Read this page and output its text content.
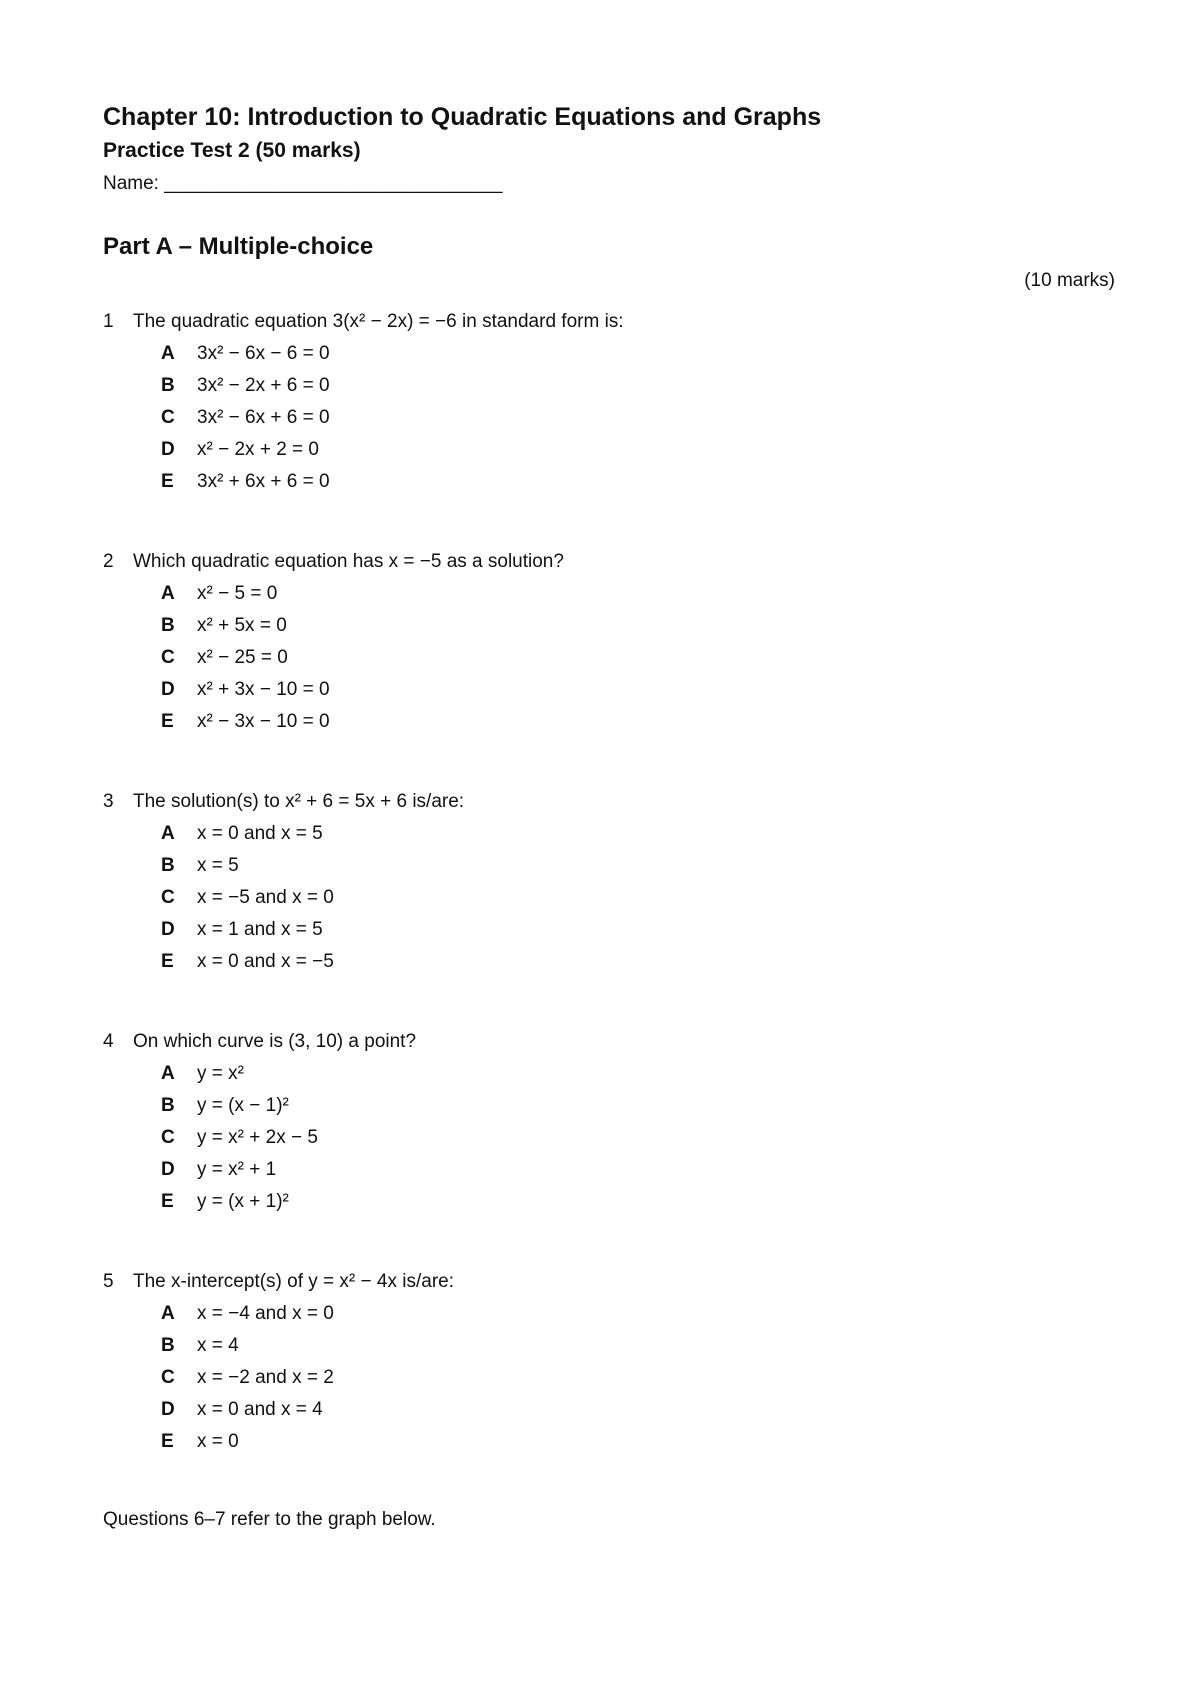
Chapter 10: Introduction to Quadratic Equations and Graphs
Practice Test 2 (50 marks)
Name: ________________________________
Part A – Multiple-choice
(10 marks)
1	The quadratic equation 3(x² − 2x) = −6 in standard form is:
A	3x² − 6x − 6 = 0
B	3x² − 2x + 6 = 0
C	3x² − 6x + 6 = 0
D	x² − 2x + 2 = 0
E	3x² + 6x + 6 = 0
2	Which quadratic equation has x = −5 as a solution?
A	x² − 5 = 0
B	x² + 5x = 0
C	x² − 25 = 0
D	x² + 3x − 10 = 0
E	x² − 3x − 10 = 0
3	The solution(s) to x² + 6 = 5x + 6 is/are:
A	x = 0 and x = 5
B	x = 5
C	x = −5 and x = 0
D	x = 1 and x = 5
E	x = 0 and x = −5
4	On which curve is (3, 10) a point?
A	y = x²
B	y = (x − 1)²
C	y = x² + 2x − 5
D	y = x² + 1
E	y = (x + 1)²
5	The x-intercept(s) of y = x² − 4x is/are:
A	x = −4 and x = 0
B	x = 4
C	x = −2 and x = 2
D	x = 0 and x = 4
E	x = 0
Questions 6–7 refer to the graph below.
